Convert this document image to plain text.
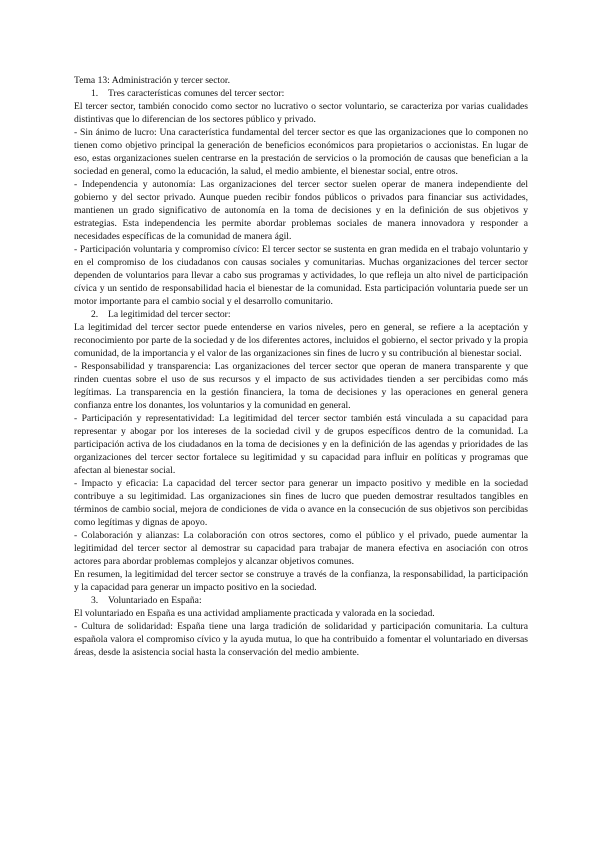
Tema 13: Administración y tercer sector.

1. Tres características comunes del tercer sector:

El tercer sector, también conocido como sector no lucrativo o sector voluntario, se caracteriza por varias cualidades distintivas que lo diferencian de los sectores público y privado.

- Sin ánimo de lucro: Una característica fundamental del tercer sector es que las organizaciones que lo componen no tienen como objetivo principal la generación de beneficios económicos para propietarios o accionistas. En lugar de eso, estas organizaciones suelen centrarse en la prestación de servicios o la promoción de causas que benefician a la sociedad en general, como la educación, la salud, el medio ambiente, el bienestar social, entre otros.

- Independencia y autonomía: Las organizaciones del tercer sector suelen operar de manera independiente del gobierno y del sector privado. Aunque pueden recibir fondos públicos o privados para financiar sus actividades, mantienen un grado significativo de autonomía en la toma de decisiones y en la definición de sus objetivos y estrategias. Esta independencia les permite abordar problemas sociales de manera innovadora y responder a necesidades específicas de la comunidad de manera ágil.

- Participación voluntaria y compromiso cívico: El tercer sector se sustenta en gran medida en el trabajo voluntario y en el compromiso de los ciudadanos con causas sociales y comunitarias. Muchas organizaciones del tercer sector dependen de voluntarios para llevar a cabo sus programas y actividades, lo que refleja un alto nivel de participación cívica y un sentido de responsabilidad hacia el bienestar de la comunidad. Esta participación voluntaria puede ser un motor importante para el cambio social y el desarrollo comunitario.

2. La legitimidad del tercer sector:

La legitimidad del tercer sector puede entenderse en varios niveles, pero en general, se refiere a la aceptación y reconocimiento por parte de la sociedad y de los diferentes actores, incluidos el gobierno, el sector privado y la propia comunidad, de la importancia y el valor de las organizaciones sin fines de lucro y su contribución al bienestar social.

- Responsabilidad y transparencia: Las organizaciones del tercer sector que operan de manera transparente y que rinden cuentas sobre el uso de sus recursos y el impacto de sus actividades tienden a ser percibidas como más legítimas. La transparencia en la gestión financiera, la toma de decisiones y las operaciones en general genera confianza entre los donantes, los voluntarios y la comunidad en general.

- Participación y representatividad: La legitimidad del tercer sector también está vinculada a su capacidad para representar y abogar por los intereses de la sociedad civil y de grupos específicos dentro de la comunidad. La participación activa de los ciudadanos en la toma de decisiones y en la definición de las agendas y prioridades de las organizaciones del tercer sector fortalece su legitimidad y su capacidad para influir en políticas y programas que afectan al bienestar social.

- Impacto y eficacia: La capacidad del tercer sector para generar un impacto positivo y medible en la sociedad contribuye a su legitimidad. Las organizaciones sin fines de lucro que pueden demostrar resultados tangibles en términos de cambio social, mejora de condiciones de vida o avance en la consecución de sus objetivos son percibidas como legítimas y dignas de apoyo.

- Colaboración y alianzas: La colaboración con otros sectores, como el público y el privado, puede aumentar la legitimidad del tercer sector al demostrar su capacidad para trabajar de manera efectiva en asociación con otros actores para abordar problemas complejos y alcanzar objetivos comunes.

En resumen, la legitimidad del tercer sector se construye a través de la confianza, la responsabilidad, la participación y la capacidad para generar un impacto positivo en la sociedad.

3. Voluntariado en España:

El voluntariado en España es una actividad ampliamente practicada y valorada en la sociedad.

- Cultura de solidaridad: España tiene una larga tradición de solidaridad y participación comunitaria. La cultura española valora el compromiso cívico y la ayuda mutua, lo que ha contribuido a fomentar el voluntariado en diversas áreas, desde la asistencia social hasta la conservación del medio ambiente.
